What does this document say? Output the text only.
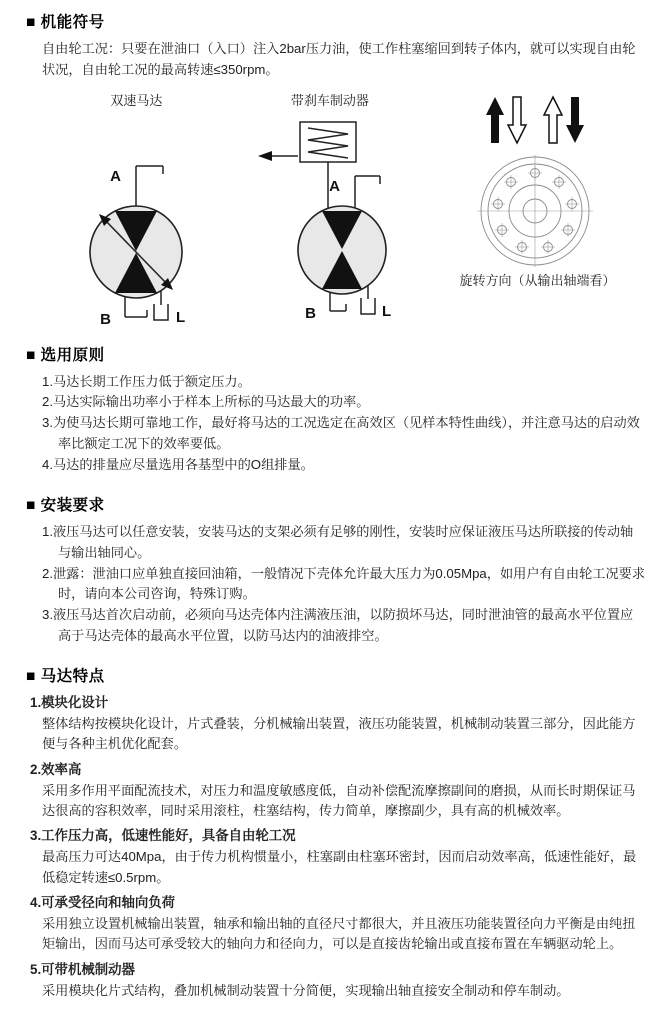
■ 机能符号

自由轮工况：只要在泄油口（入口）注入2bar压力油，使工作柱塞缩回到转子体内，就可以实现自由轮状况，自由轮工况的最高转速≤350rpm。

双速马达
A
B	L
带刹车制动器
A
B	L
旋转方向（从输出轴端看）
■ 选用原则

1.马达长期工作压力低于额定压力。

2.马达实际输出功率小于样本上所标的马达最大的功率。

3.为使马达长期可靠地工作，最好将马达的工况选定在高效区（见样本特性曲线），并注意马达的启动效率比额定工况下的效率要低。

4.马达的排量应尽量选用各基型中的O组排量。

■ 安装要求

1.液压马达可以任意安装，安装马达的支架必须有足够的刚性，安装时应保证液压马达所联接的传动轴与输出轴同心。

2.泄露：泄油口应单独直接回油箱，一般情况下壳体允许最大压力为0.05Mpa，如用户有自由轮工况要求时，请向本公司咨询，特殊订购。

3.液压马达首次启动前，必须向马达壳体内注满液压油，以防损坏马达，同时泄油管的最高水平位置应高于马达壳体的最高水平位置，以防马达内的油液排空。

■ 马达特点

1.模块化设计

整体结构按模块化设计，片式叠装，分机械输出装置，液压功能装置，机械制动装置三部分，因此能方便与各种主机优化配套。

2.效率高

采用多作用平面配流技术，对压力和温度敏感度低，自动补偿配流摩擦副间的磨损，从而长时期保证马达很高的容积效率，同时采用滚柱，柱塞结构，传力简单，摩擦副少，具有高的机械效率。

3.工作压力高，低速性能好，具备自由轮工况

最高压力可达40Mpa，由于传力机构惯量小，柱塞副由柱塞环密封，因而启动效率高，低速性能好，最低稳定转速≤0.5rpm。

4.可承受径向和轴向负荷

采用独立设置机械输出装置，轴承和输出轴的直径尺寸都很大，并且液压功能装置径向力平衡是由纯扭矩输出，因而马达可承受较大的轴向力和径向力，可以是直接齿轮输出或直接布置在车辆驱动轮上。

5.可带机械制动器

采用模块化片式结构，叠加机械制动装置十分简便，实现输出轴直接安全制动和停车制动。
